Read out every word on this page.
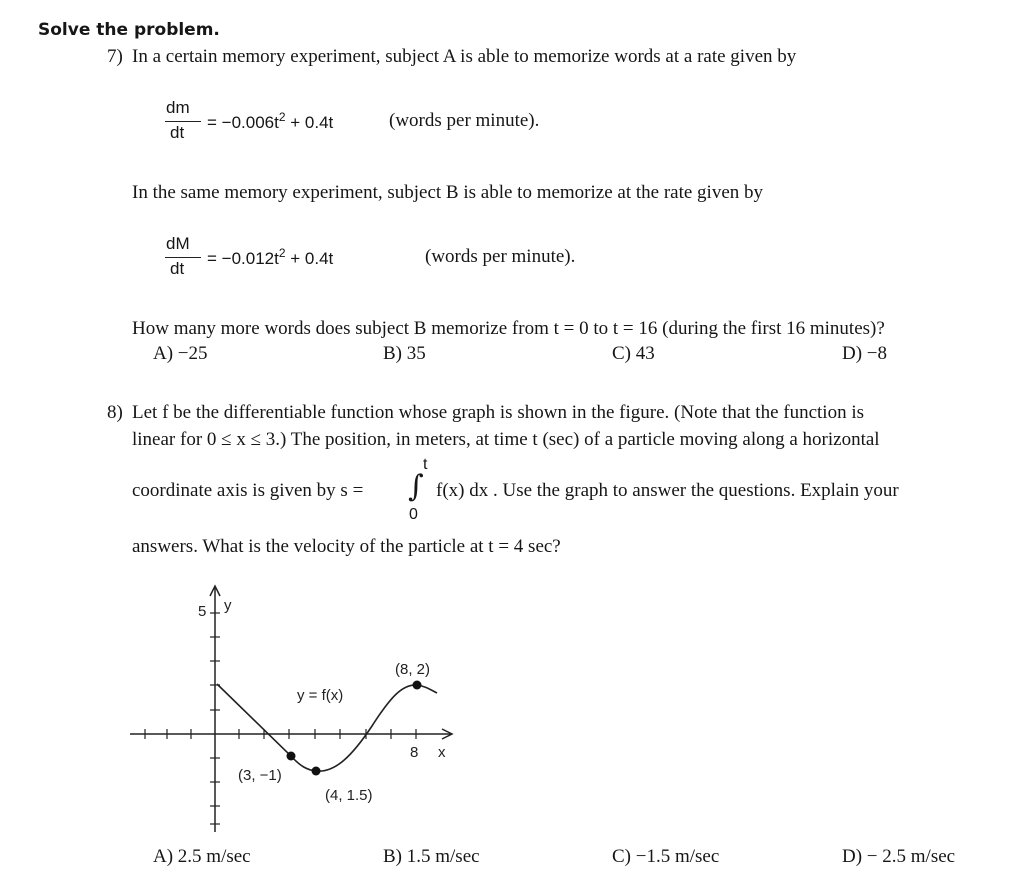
Solve the problem.
7) In a certain memory experiment, subject A is able to memorize words at a rate given by
dm
dt
= $-0.006t^2 + 0.4t$	(words per minute).
In the same memory experiment, subject B is able to memorize at the rate given by
dM
dt
= $-0.012t^2 + 0.4t$	(words per minute).
How many more words does subject B memorize from t = 0 to t = 16 (during the first 16 minutes)?
A) −25	B) 35	C) 43	D) −8
8) Let f be the differentiable function whose graph is shown in the figure. (Note that the function is
linear for 0 ≤ x ≤ 3.) The position, in meters, at time t (sec) of a particle moving along a horizontal
coordinate axis is given by s =
t
∫
0
f(x) dx . Use the graph to answer the questions. Explain your
answers. What is the velocity of the particle at t = 4 sec?
5 y
8 x
y = f(x)
(3, −1)
(4, 1.5)
(8, 2)
A) 2.5 m/sec	B) 1.5 m/sec	C) −1.5 m/sec	D) − 2.5 m/sec
